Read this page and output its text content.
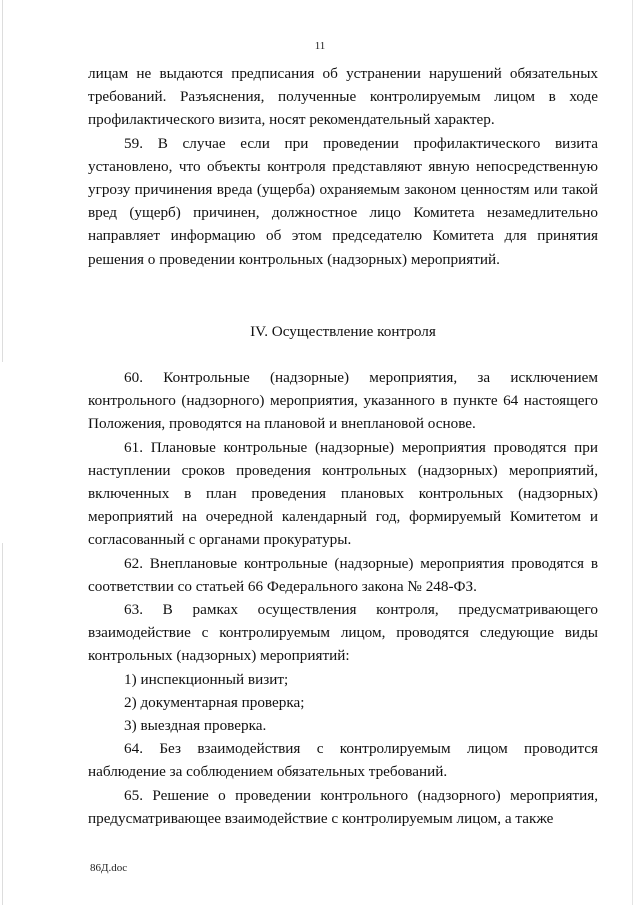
11

лицам не выдаются предписания об устранении нарушений обязательных требований. Разъяснения, полученные контролируемым лицом в ходе профилактического визита, носят рекомендательный характер.

59. В случае если при проведении профилактического визита установлено, что объекты контроля представляют явную непосредственную угрозу причинения вреда (ущерба) охраняемым законом ценностям или такой вред (ущерб) причинен, должностное лицо Комитета незамедлительно направляет информацию об этом председателю Комитета для принятия решения о проведении контрольных (надзорных) мероприятий.

IV. Осуществление контроля

60. Контрольные (надзорные) мероприятия, за исключением контрольного (надзорного) мероприятия, указанного в пункте 64 настоящего Положения, проводятся на плановой и внеплановой основе.

61. Плановые контрольные (надзорные) мероприятия проводятся при наступлении сроков проведения контрольных (надзорных) мероприятий, включенных в план проведения плановых контрольных (надзорных) мероприятий на очередной календарный год, формируемый Комитетом и согласованный с органами прокуратуры.

62. Внеплановые контрольные (надзорные) мероприятия проводятся в соответствии со статьей 66 Федерального закона № 248-ФЗ.

63. В рамках осуществления контроля, предусматривающего взаимодействие с контролируемым лицом, проводятся следующие виды контрольных (надзорных) мероприятий:

1) инспекционный визит;

2) документарная проверка;

3) выездная проверка.

64. Без взаимодействия с контролируемым лицом проводится наблюдение за соблюдением обязательных требований.

65. Решение о проведении контрольного (надзорного) мероприятия, предусматривающее взаимодействие с контролируемым лицом, а также

86Д.doc
